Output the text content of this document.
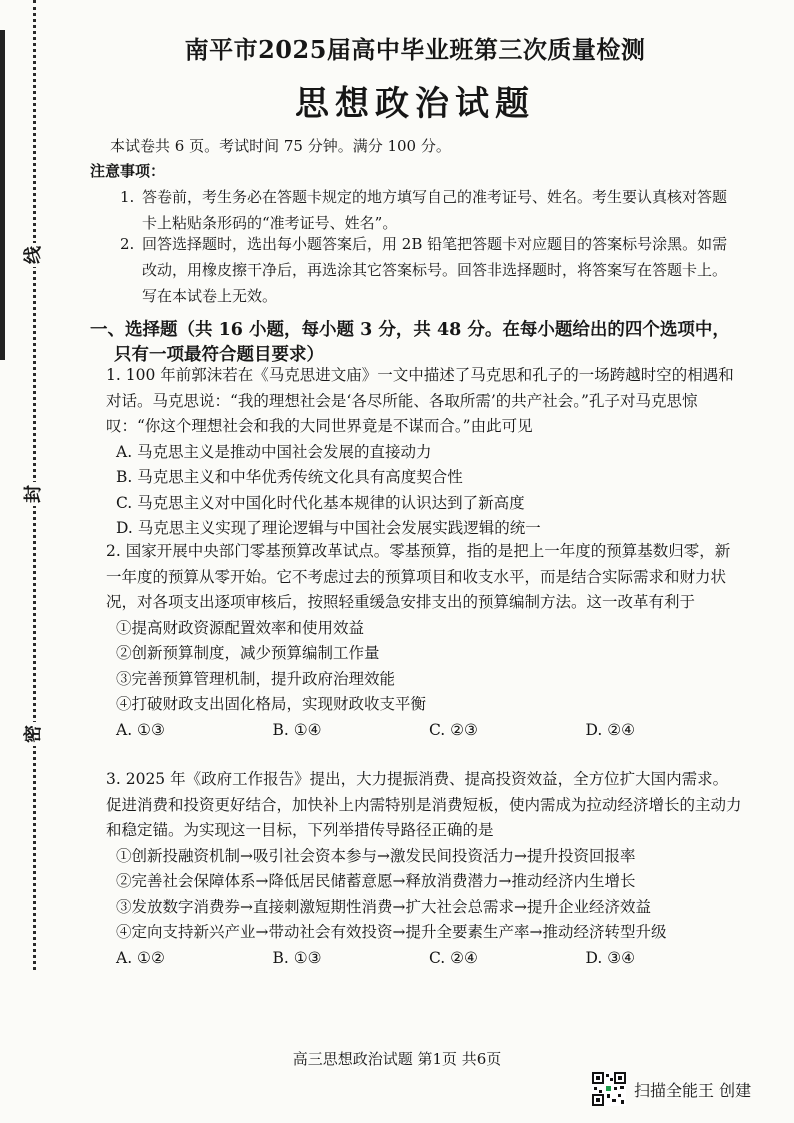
线
封
密
南平市2025届高中毕业班第三次质量检测
思想政治试题
本试卷共 6 页。考试时间 75 分钟。满分 100 分。
注意事项：
1. 答卷前，考生务必在答题卡规定的地方填写自己的准考证号、姓名。考生要认真核对答题卡上粘贴条形码的“准考证号、姓名”。
2. 回答选择题时，选出每小题答案后，用 2B 铅笔把答题卡对应题目的答案标号涂黑。如需改动，用橡皮擦干净后，再选涂其它答案标号。回答非选择题时，将答案写在答题卡上。写在本试卷上无效。
一、选择题（共 16 小题，每小题 3 分，共 48 分。在每小题给出的四个选项中，
只有一项最符合题目要求）

1. 100 年前郭沫若在《马克思进文庙》一文中描述了马克思和孔子的一场跨越时空的相遇和对话。马克思说：“我的理想社会是‘各尽所能、各取所需’的共产社会。”孔子对马克思惊叹：“你这个理想社会和我的大同世界竟是不谋而合。”由此可见

A. 马克思主义是推动中国社会发展的直接动力
B. 马克思主义和中华优秀传统文化具有高度契合性
C. 马克思主义对中国化时代化基本规律的认识达到了新高度
D. 马克思主义实现了理论逻辑与中国社会发展实践逻辑的统一

2. 国家开展中央部门零基预算改革试点。零基预算，指的是把上一年度的预算基数归零，新一年度的预算从零开始。它不考虑过去的预算项目和收支水平，而是结合实际需求和财力状况，对各项支出逐项审核后，按照轻重缓急安排支出的预算编制方法。这一改革有利于

①提高财政资源配置效率和使用效益
②创新预算制度，减少预算编制工作量
③完善预算管理机制，提升政府治理效能
④打破财政支出固化格局，实现财政收支平衡
A. ①③	B. ①④	C. ②③	D. ②④

3. 2025 年《政府工作报告》提出，大力提振消费、提高投资效益，全方位扩大国内需求。促进消费和投资更好结合，加快补上内需特别是消费短板，使内需成为拉动经济增长的主动力和稳定锚。为实现这一目标，下列举措传导路径正确的是

①创新投融资机制→吸引社会资本参与→激发民间投资活力→提升投资回报率
②完善社会保障体系→降低居民储蓄意愿→释放消费潜力→推动经济内生增长
③发放数字消费券→直接刺激短期性消费→扩大社会总需求→提升企业经济效益
④定向支持新兴产业→带动社会有效投资→提升全要素生产率→推动经济转型升级
A. ①②	B. ①③	C. ②④	D. ③④
高三思想政治试题 第1页 共6页
扫描全能王 创建
